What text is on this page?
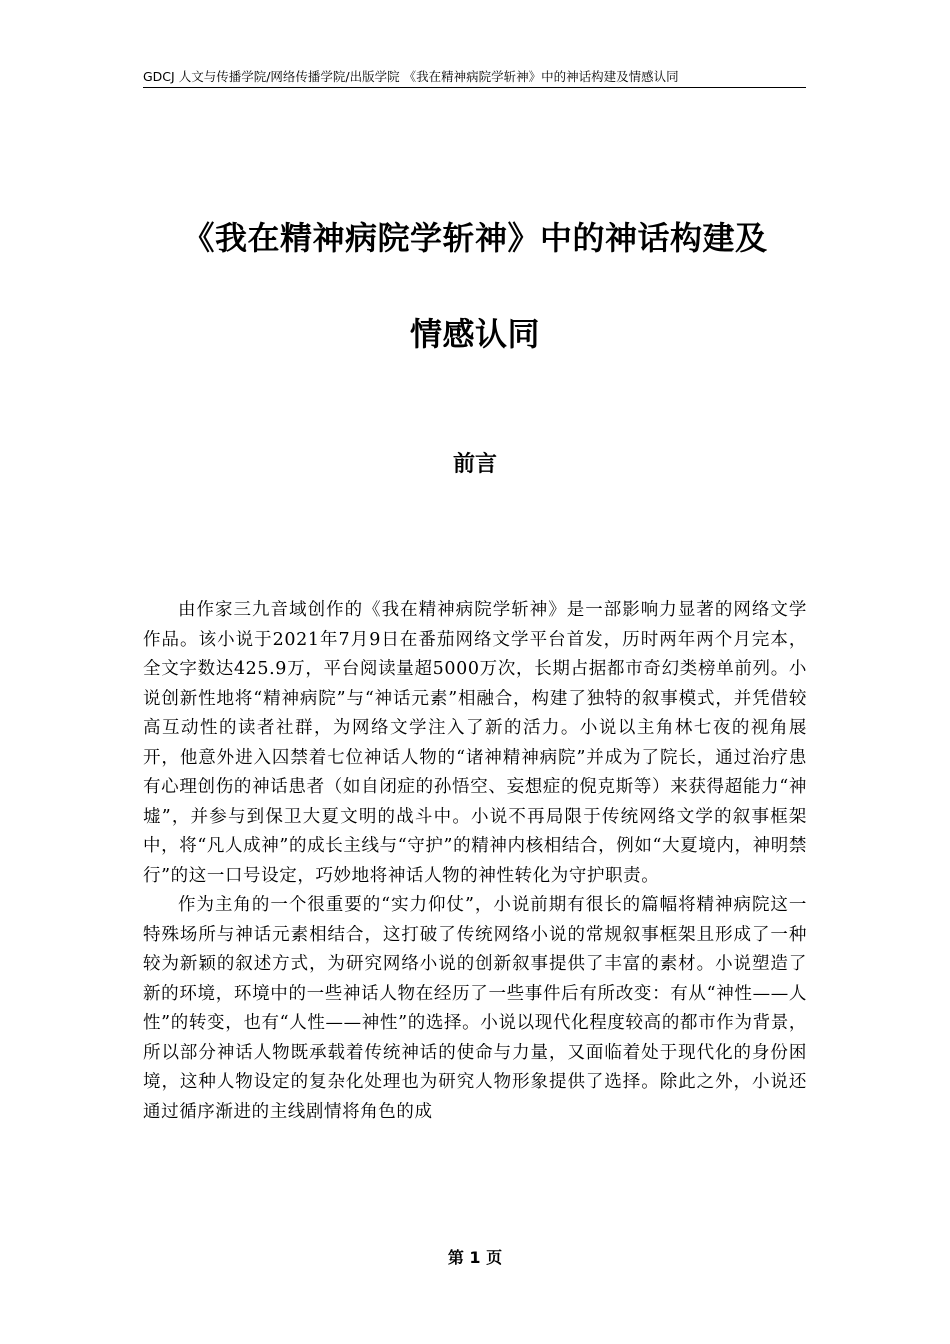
GDCJ 人文与传播学院/网络传播学院/出版学院 《我在精神病院学斩神》中的神话构建及情感认同
《我在精神病院学斩神》中的神话构建及
情感认同
前言

由作家三九音域创作的《我在精神病院学斩神》是一部影响力显著的网络文学作品。该小说于2021年7月9日在番茄网络文学平台首发，历时两年两个月完本，全文字数达425.9万，平台阅读量超5000万次，长期占据都市奇幻类榜单前列。小说创新性地将“精神病院”与“神话元素”相融合，构建了独特的叙事模式，并凭借较高互动性的读者社群，为网络文学注入了新的活力。小说以主角林七夜的视角展开，他意外进入囚禁着七位神话人物的“诸神精神病院”并成为了院长，通过治疗患有心理创伤的神话患者（如自闭症的孙悟空、妄想症的倪克斯等）来获得超能力“神墟”，并参与到保卫大夏文明的战斗中。小说不再局限于传统网络文学的叙事框架中，将“凡人成神”的成长主线与“守护”的精神内核相结合，例如“大夏境内，神明禁行”的这一口号设定，巧妙地将神话人物的神性转化为守护职责。

作为主角的一个很重要的“实力仰仗”，小说前期有很长的篇幅将精神病院这一特殊场所与神话元素相结合，这打破了传统网络小说的常规叙事框架且形成了一种较为新颖的叙述方式，为研究网络小说的创新叙事提供了丰富的素材。小说塑造了新的环境，环境中的一些神话人物在经历了一些事件后有所改变：有从“神性——人性”的转变，也有“人性——神性”的选择。小说以现代化程度较高的都市作为背景，所以部分神话人物既承载着传统神话的使命与力量，又面临着处于现代化的身份困境，这种人物设定的复杂化处理也为研究人物形象提供了选择。除此之外，小说还通过循序渐进的主线剧情将角色的成

第 1 页
